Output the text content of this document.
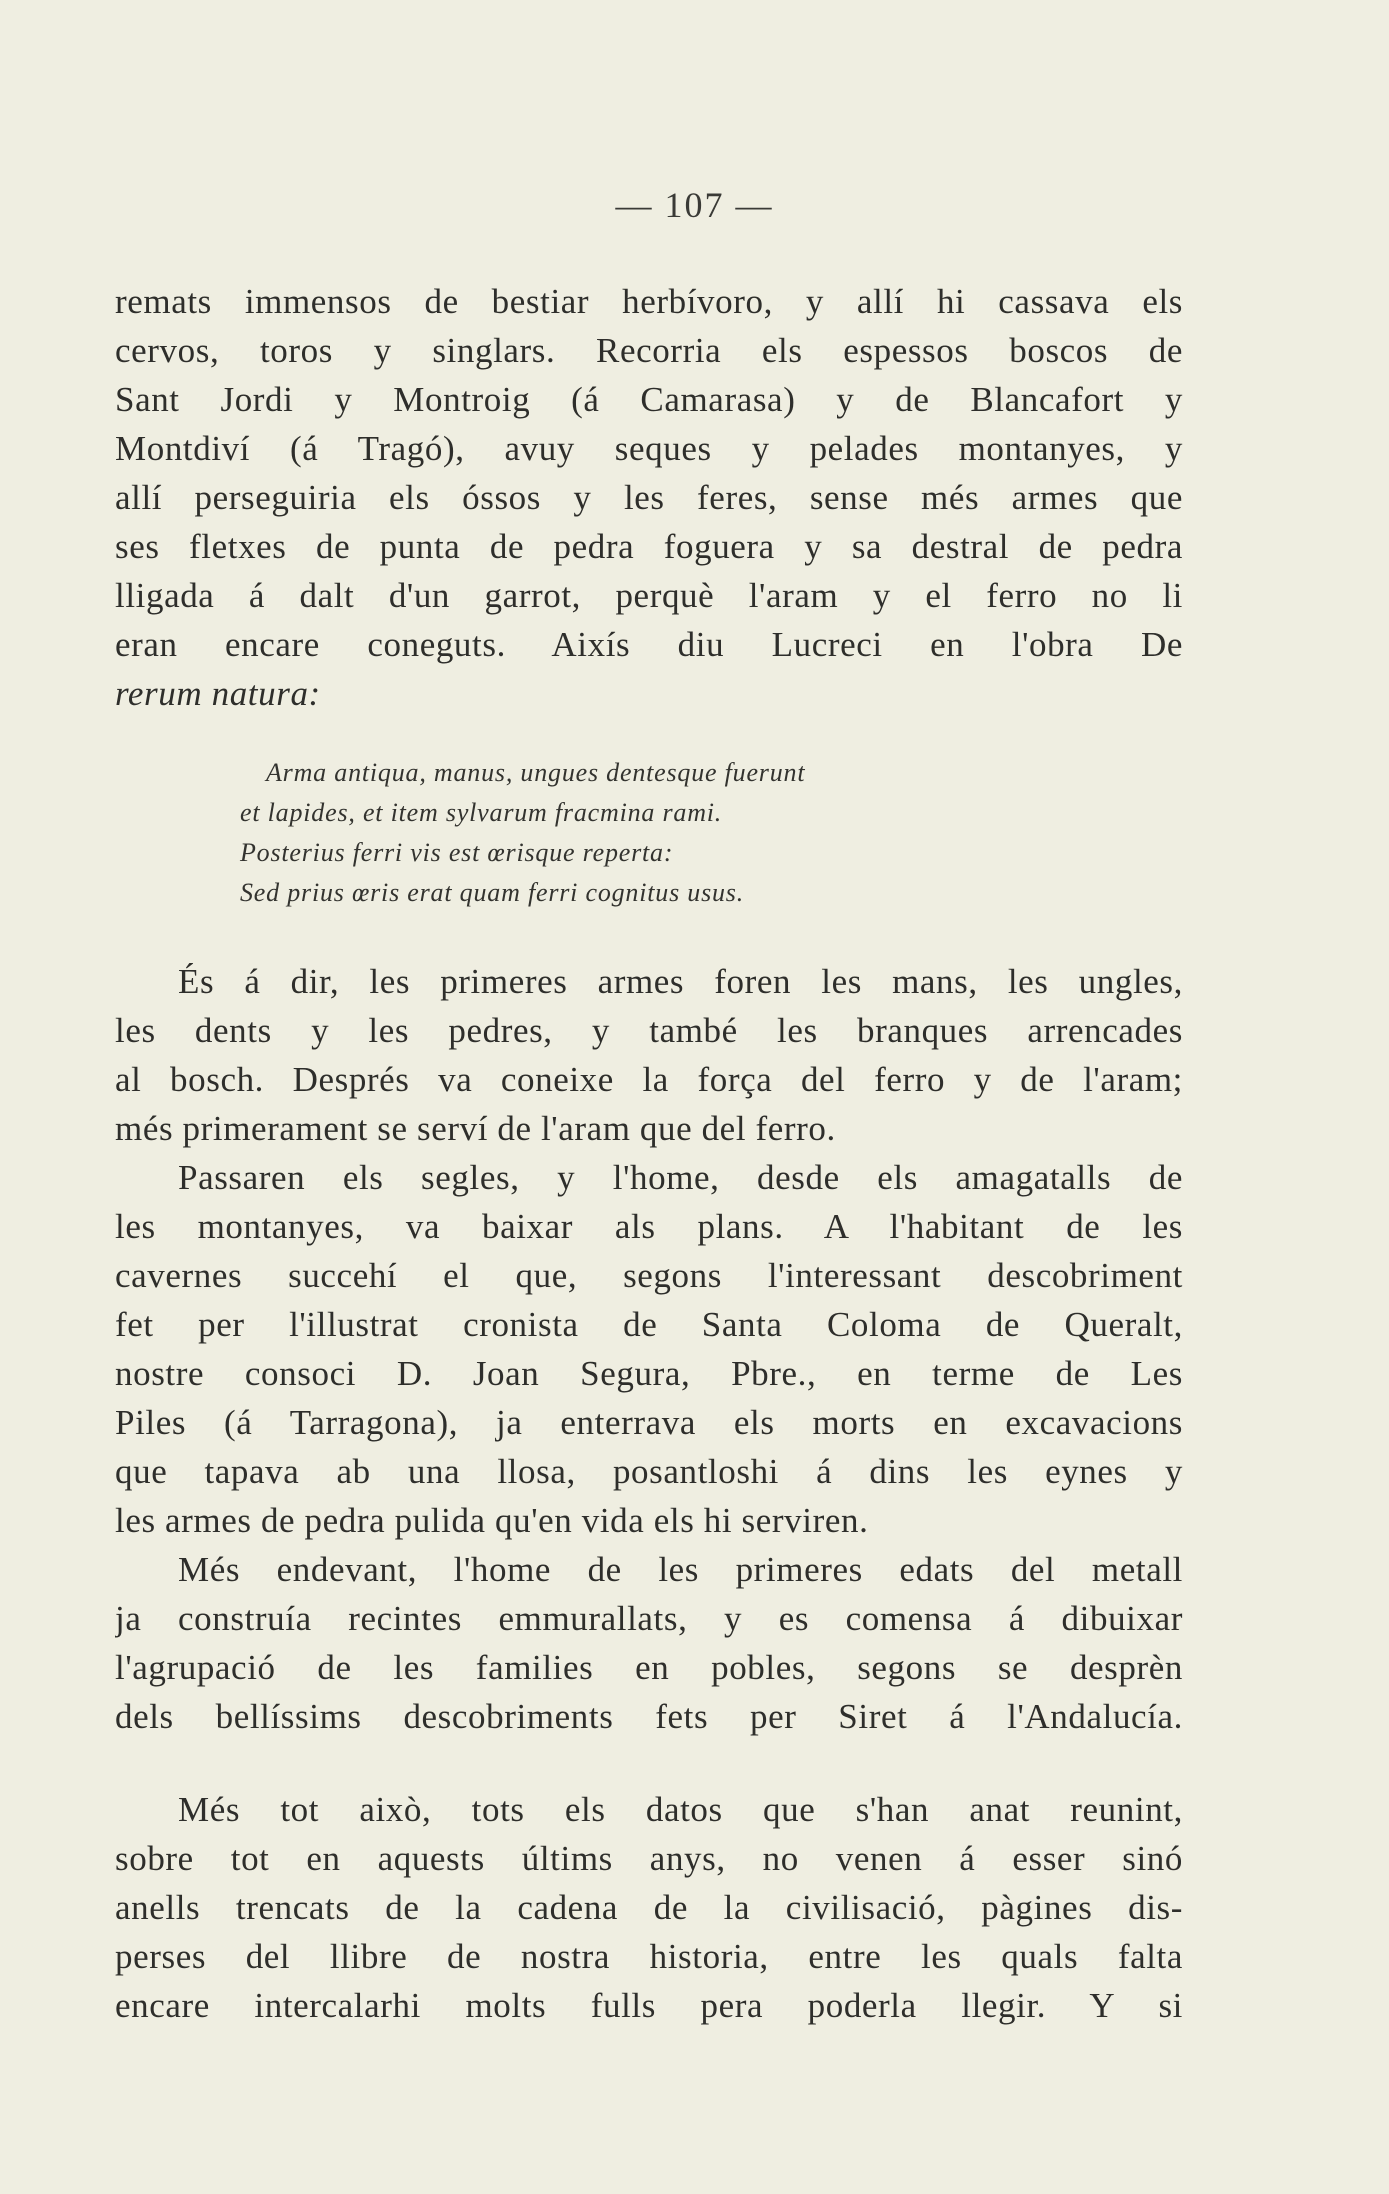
— 107 —
remats immensos de bestiar herbívoro, y allí hi cassava els
cervos, toros y singlars. Recorria els espessos boscos de
Sant Jordi y Montroig (á Camarasa) y de Blancafort y
Montdiví (á Tragó), avuy seques y pelades montanyes, y
allí perseguiria els óssos y les feres, sense més armes que
ses fletxes de punta de pedra foguera y sa destral de pedra
lligada á dalt d'un garrot, perquè l'aram y el ferro no li
eran encare coneguts. Aixís diu Lucreci en l'obra De
rerum natura:
Arma antiqua, manus, ungues dentesque fuerunt
et lapides, et item sylvarum fracmina rami.
Posterius ferri vis est œrisque reperta:
Sed prius œris erat quam ferri cognitus usus.
És á dir, les primeres armes foren les mans, les ungles,
les dents y les pedres, y també les branques arrencades
al bosch. Després va coneixe la força del ferro y de l'aram;
més primerament se serví de l'aram que del ferro.
Passaren els segles, y l'home, desde els amagatalls de
les montanyes, va baixar als plans. A l'habitant de les
cavernes succehí el que, segons l'interessant descobriment
fet per l'illustrat cronista de Santa Coloma de Queralt,
nostre consoci D. Joan Segura, Pbre., en terme de Les
Piles (á Tarragona), ja enterrava els morts en excavacions
que tapava ab una llosa, posantloshi á dins les eynes y
les armes de pedra pulida qu'en vida els hi serviren.
Més endevant, l'home de les primeres edats del metall
ja construía recintes emmurallats, y es comensa á dibuixar
l'agrupació de les families en pobles, segons se desprèn
dels bellíssims descobriments fets per Siret á l'Andalucía.
Més tot això, tots els datos que s'han anat reunint,
sobre tot en aquests últims anys, no venen á esser sinó
anells trencats de la cadena de la civilisació, pàgines dis-
perses del llibre de nostra historia, entre les quals falta
encare intercalarhi molts fulls pera poderla llegir. Y si
